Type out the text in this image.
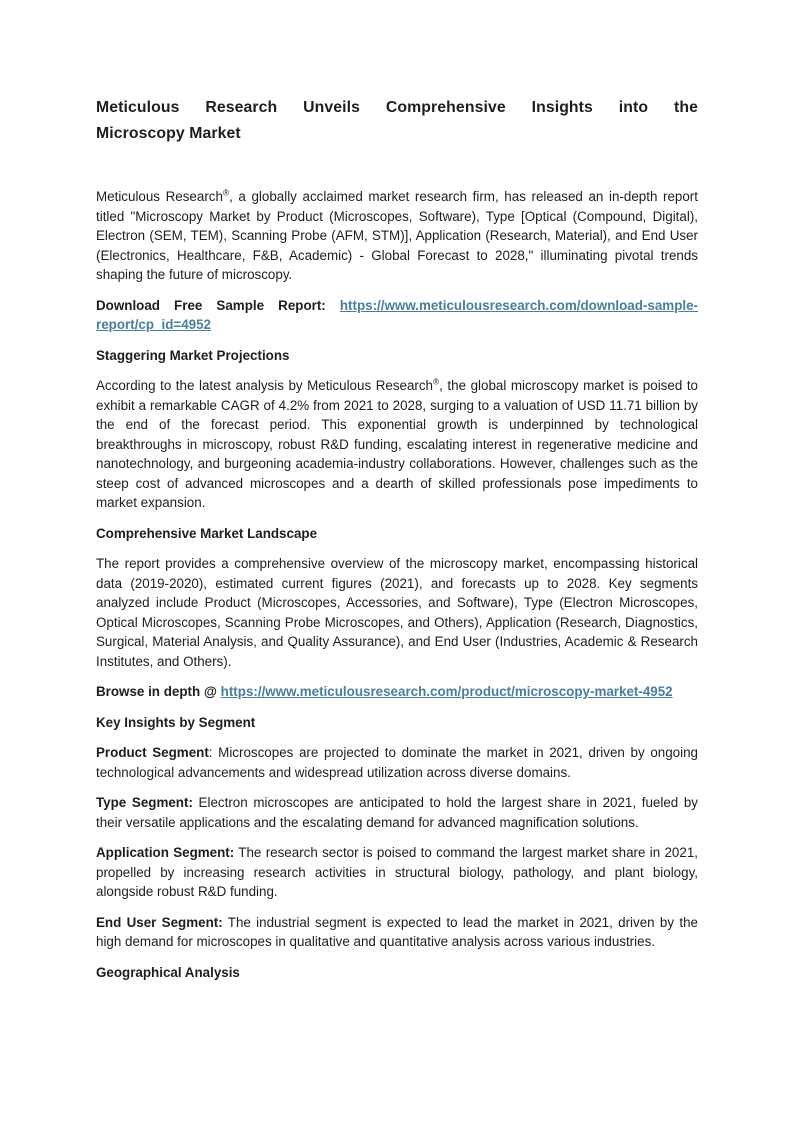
Meticulous Research Unveils Comprehensive Insights into the
Microscopy Market

Meticulous Research®, a globally acclaimed market research firm, has released an in-depth report titled "Microscopy Market by Product (Microscopes, Software), Type [Optical (Compound, Digital), Electron (SEM, TEM), Scanning Probe (AFM, STM)], Application (Research, Material), and End User (Electronics, Healthcare, F&B, Academic) - Global Forecast to 2028," illuminating pivotal trends shaping the future of microscopy.

Download Free Sample Report: https://www.meticulousresearch.com/download-sample-report/cp_id=4952

Staggering Market Projections

According to the latest analysis by Meticulous Research®, the global microscopy market is poised to exhibit a remarkable CAGR of 4.2% from 2021 to 2028, surging to a valuation of USD 11.71 billion by the end of the forecast period. This exponential growth is underpinned by technological breakthroughs in microscopy, robust R&D funding, escalating interest in regenerative medicine and nanotechnology, and burgeoning academia-industry collaborations. However, challenges such as the steep cost of advanced microscopes and a dearth of skilled professionals pose impediments to market expansion.

Comprehensive Market Landscape

The report provides a comprehensive overview of the microscopy market, encompassing historical data (2019-2020), estimated current figures (2021), and forecasts up to 2028. Key segments analyzed include Product (Microscopes, Accessories, and Software), Type (Electron Microscopes, Optical Microscopes, Scanning Probe Microscopes, and Others), Application (Research, Diagnostics, Surgical, Material Analysis, and Quality Assurance), and End User (Industries, Academic & Research Institutes, and Others).

Browse in depth @ https://www.meticulousresearch.com/product/microscopy-market-4952

Key Insights by Segment

Product Segment: Microscopes are projected to dominate the market in 2021, driven by ongoing technological advancements and widespread utilization across diverse domains.

Type Segment: Electron microscopes are anticipated to hold the largest share in 2021, fueled by their versatile applications and the escalating demand for advanced magnification solutions.

Application Segment: The research sector is poised to command the largest market share in 2021, propelled by increasing research activities in structural biology, pathology, and plant biology, alongside robust R&D funding.

End User Segment: The industrial segment is expected to lead the market in 2021, driven by the high demand for microscopes in qualitative and quantitative analysis across various industries.

Geographical Analysis
